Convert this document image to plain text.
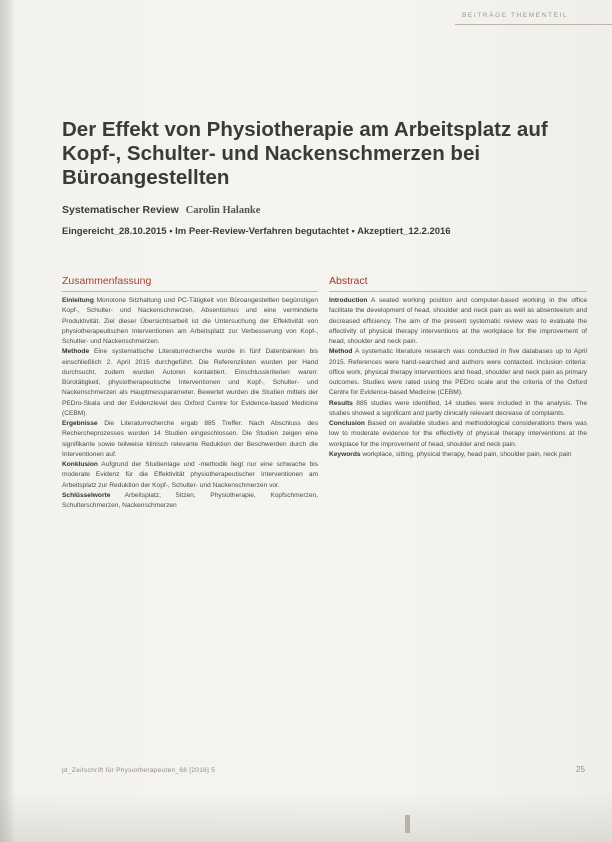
BEITRÄGE THEMENTEIL
Der Effekt von Physiotherapie am Arbeitsplatz auf Kopf-, Schulter- und Nackenschmerzen bei Büroangestellten
Systematischer Review Carolin Halanke
Eingereicht_28.10.2015 • Im Peer-Review-Verfahren begutachtet • Akzeptiert_12.2.2016
Zusammenfassung

Einleitung Monotone Sitzhaltung und PC-Tätigkeit von Büroangestellten begünstigen Kopf-, Schulter- und Nackenschmerzen, Absentismus und eine verminderte Produktivität. Ziel dieser Übersichtsarbeit ist die Untersuchung der Effektivität von physiotherapeutischen Interventionen am Arbeitsplatz zur Verbesserung von Kopf-, Schulter- und Nackenschmerzen.

Methode Eine systematische Literaturrecherche wurde in fünf Datenbanken bis einschließlich 2. April 2015 durchgeführt. Die Referenzlisten wurden per Hand durchsucht, zudem wurden Autoren kontaktiert. Einschlusskriterien waren: Bürotätigkeit, physiotherapeutische Interventionen und Kopf-, Schulter- und Nackenschmerzen als Hauptmessparameter. Bewertet wurden die Studien mittels der PEDro-Skala und der Evidenzlevel des Oxford Centre for Evidence-based Medicine (CEBM).

Ergebnisse Die Literaturrecherche ergab 885 Treffer. Nach Abschluss des Rechercheprozesses wurden 14 Studien eingeschlossen. Die Studien zeigen eine signifikante sowie teilweise klinisch relevante Reduktion der Beschwerden durch die Interventionen auf.

Konklusion Aufgrund der Studienlage und -methodik liegt nur eine schwache bis moderate Evidenz für die Effektivität physiotherapeutischer Interventionen am Arbeitsplatz zur Reduktion der Kopf-, Schulter- und Nackenschmerzen vor.

Schlüsselworte Arbeitsplatz, Sitzen, Physiotherapie, Kopfschmerzen, Schulterschmerzen, Nackenschmerzen

Abstract

Introduction A seated working position and computer-based working in the office facilitate the development of head, shoulder and neck pain as well as absenteeism and decreased efficiency. The aim of the present systematic review was to evaluate the effectivity of physical therapy interventions at the workplace for the improvement of head, shoulder and neck pain.

Method A systematic literature research was conducted in five databases up to April 2015. References were hand-searched and authors were contacted. Inclusion criteria: office work, physical therapy interventions and head, shoulder and neck pain as primary outcomes. Studies were rated using the PEDro scale and the criteria of the Oxford Centre for Evidence-based Medicine (CEBM).

Results 885 studies were identified, 14 studies were included in the analysis. The studies showed a significant and partly clinically relevant decrease of complaints.

Conclusion Based on available studies and methodological considerations there was low to moderate evidence for the effectivity of physical therapy interventions at the workplace for the improvement of head, shoulder and neck pain.

Keywords workplace, sitting, physical therapy, head pain, shoulder pain, neck pain

pt_Zeitschrift für Physiotherapeuten_68 [2016] 5	25
